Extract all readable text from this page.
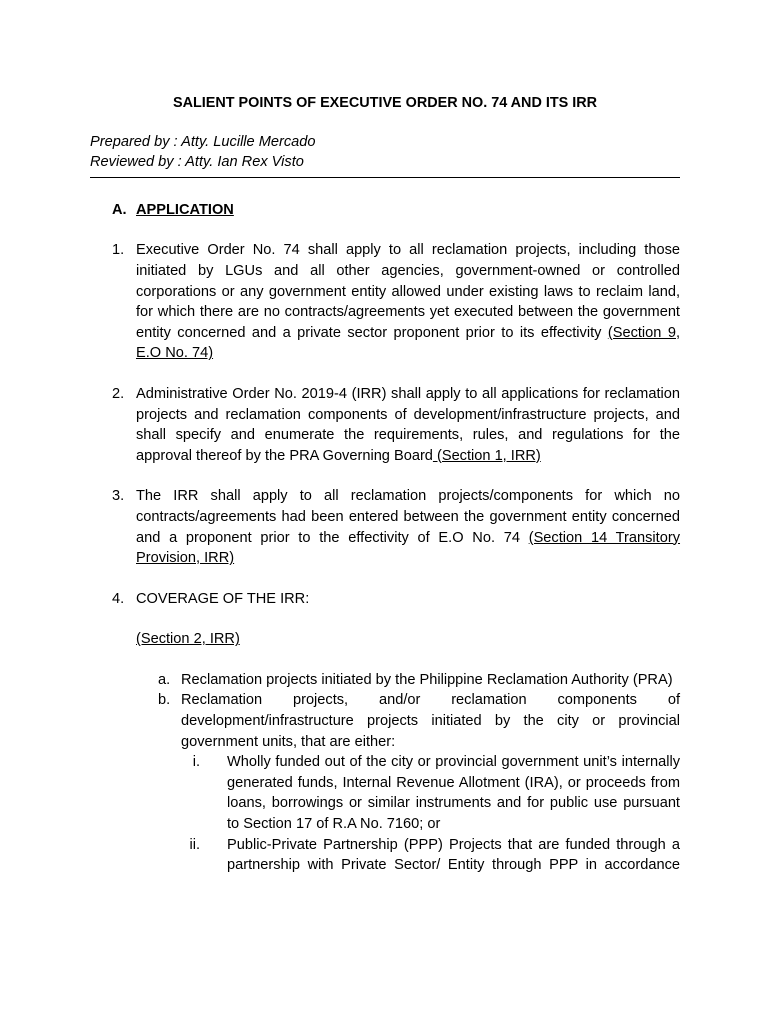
SALIENT POINTS OF EXECUTIVE ORDER NO. 74 AND ITS IRR
Prepared by : Atty. Lucille Mercado
Reviewed by : Atty. Ian Rex Visto
A. APPLICATION
1. Executive Order No. 74 shall apply to all reclamation projects, including those initiated by LGUs and all other agencies, government-owned or controlled corporations or any government entity allowed under existing laws to reclaim land, for which there are no contracts/agreements yet executed between the government entity concerned and a private sector proponent prior to its effectivity (Section 9, E.O No. 74)
2. Administrative Order No. 2019-4 (IRR) shall apply to all applications for reclamation projects and reclamation components of development/infrastructure projects, and shall specify and enumerate the requirements, rules, and regulations for the approval thereof by the PRA Governing Board (Section 1, IRR)
3. The IRR shall apply to all reclamation projects/components for which no contracts/agreements had been entered between the government entity concerned and a proponent prior to the effectivity of E.O No. 74 (Section 14 Transitory Provision, IRR)
4. COVERAGE OF THE IRR:
(Section 2, IRR)
a. Reclamation projects initiated by the Philippine Reclamation Authority (PRA)
b. Reclamation projects, and/or reclamation components of development/infrastructure projects initiated by the city or provincial government units, that are either:
i. Wholly funded out of the city or provincial government unit’s internally generated funds, Internal Revenue Allotment (IRA), or proceeds from loans, borrowings or similar instruments and for public use pursuant to Section 17 of R.A No. 7160; or
ii. Public-Private Partnership (PPP) Projects that are funded through a partnership with Private Sector/ Entity through PPP in accordance
